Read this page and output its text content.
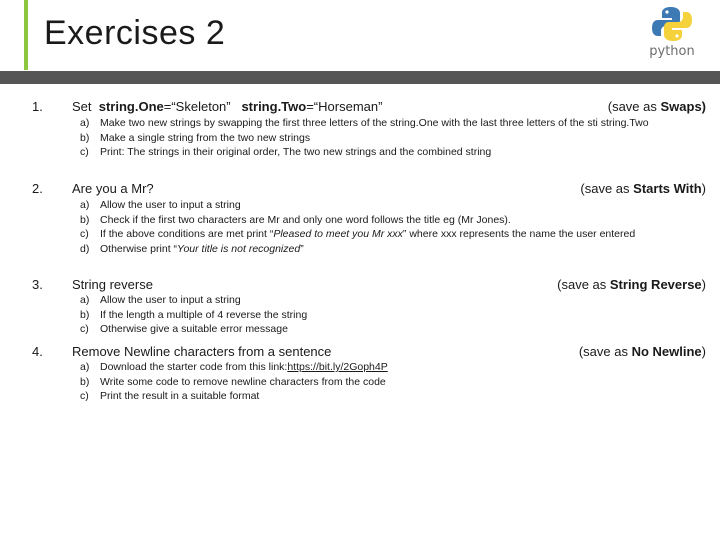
Exercises 2	python
1. Set string.One=“Skeleton” string.Two=“Horseman”	(save as Swaps)
a)	Make two new strings by swapping the first three letters of the string.One with the last three letters of the sti string.Two
b)	Make a single string from the two new strings
c)	Print: The strings in their original order, The two new strings and the combined string
2. Are you a Mr?	(save as Starts With)
a)	Allow the user to input a string
b)	Check if the first two characters are Mr and only one word follows the title eg (Mr Jones).
c)	If the above conditions are met print “Pleased to meet you Mr xxx” where xxx represents the name the user entered
d)	Otherwise print “Your title is not recognized”
3. String reverse	(save as String Reverse)
a)	Allow the user to input a string
b)	If the length a multiple of 4 reverse the string
c)	Otherwise give a suitable error message
4. Remove Newline characters from a sentence	(save as No Newline)
a)	Download the starter code from this link:https://bit.ly/2Goph4P
b)	Write some code to remove newline characters from the code
c)	Print the result in a suitable format
